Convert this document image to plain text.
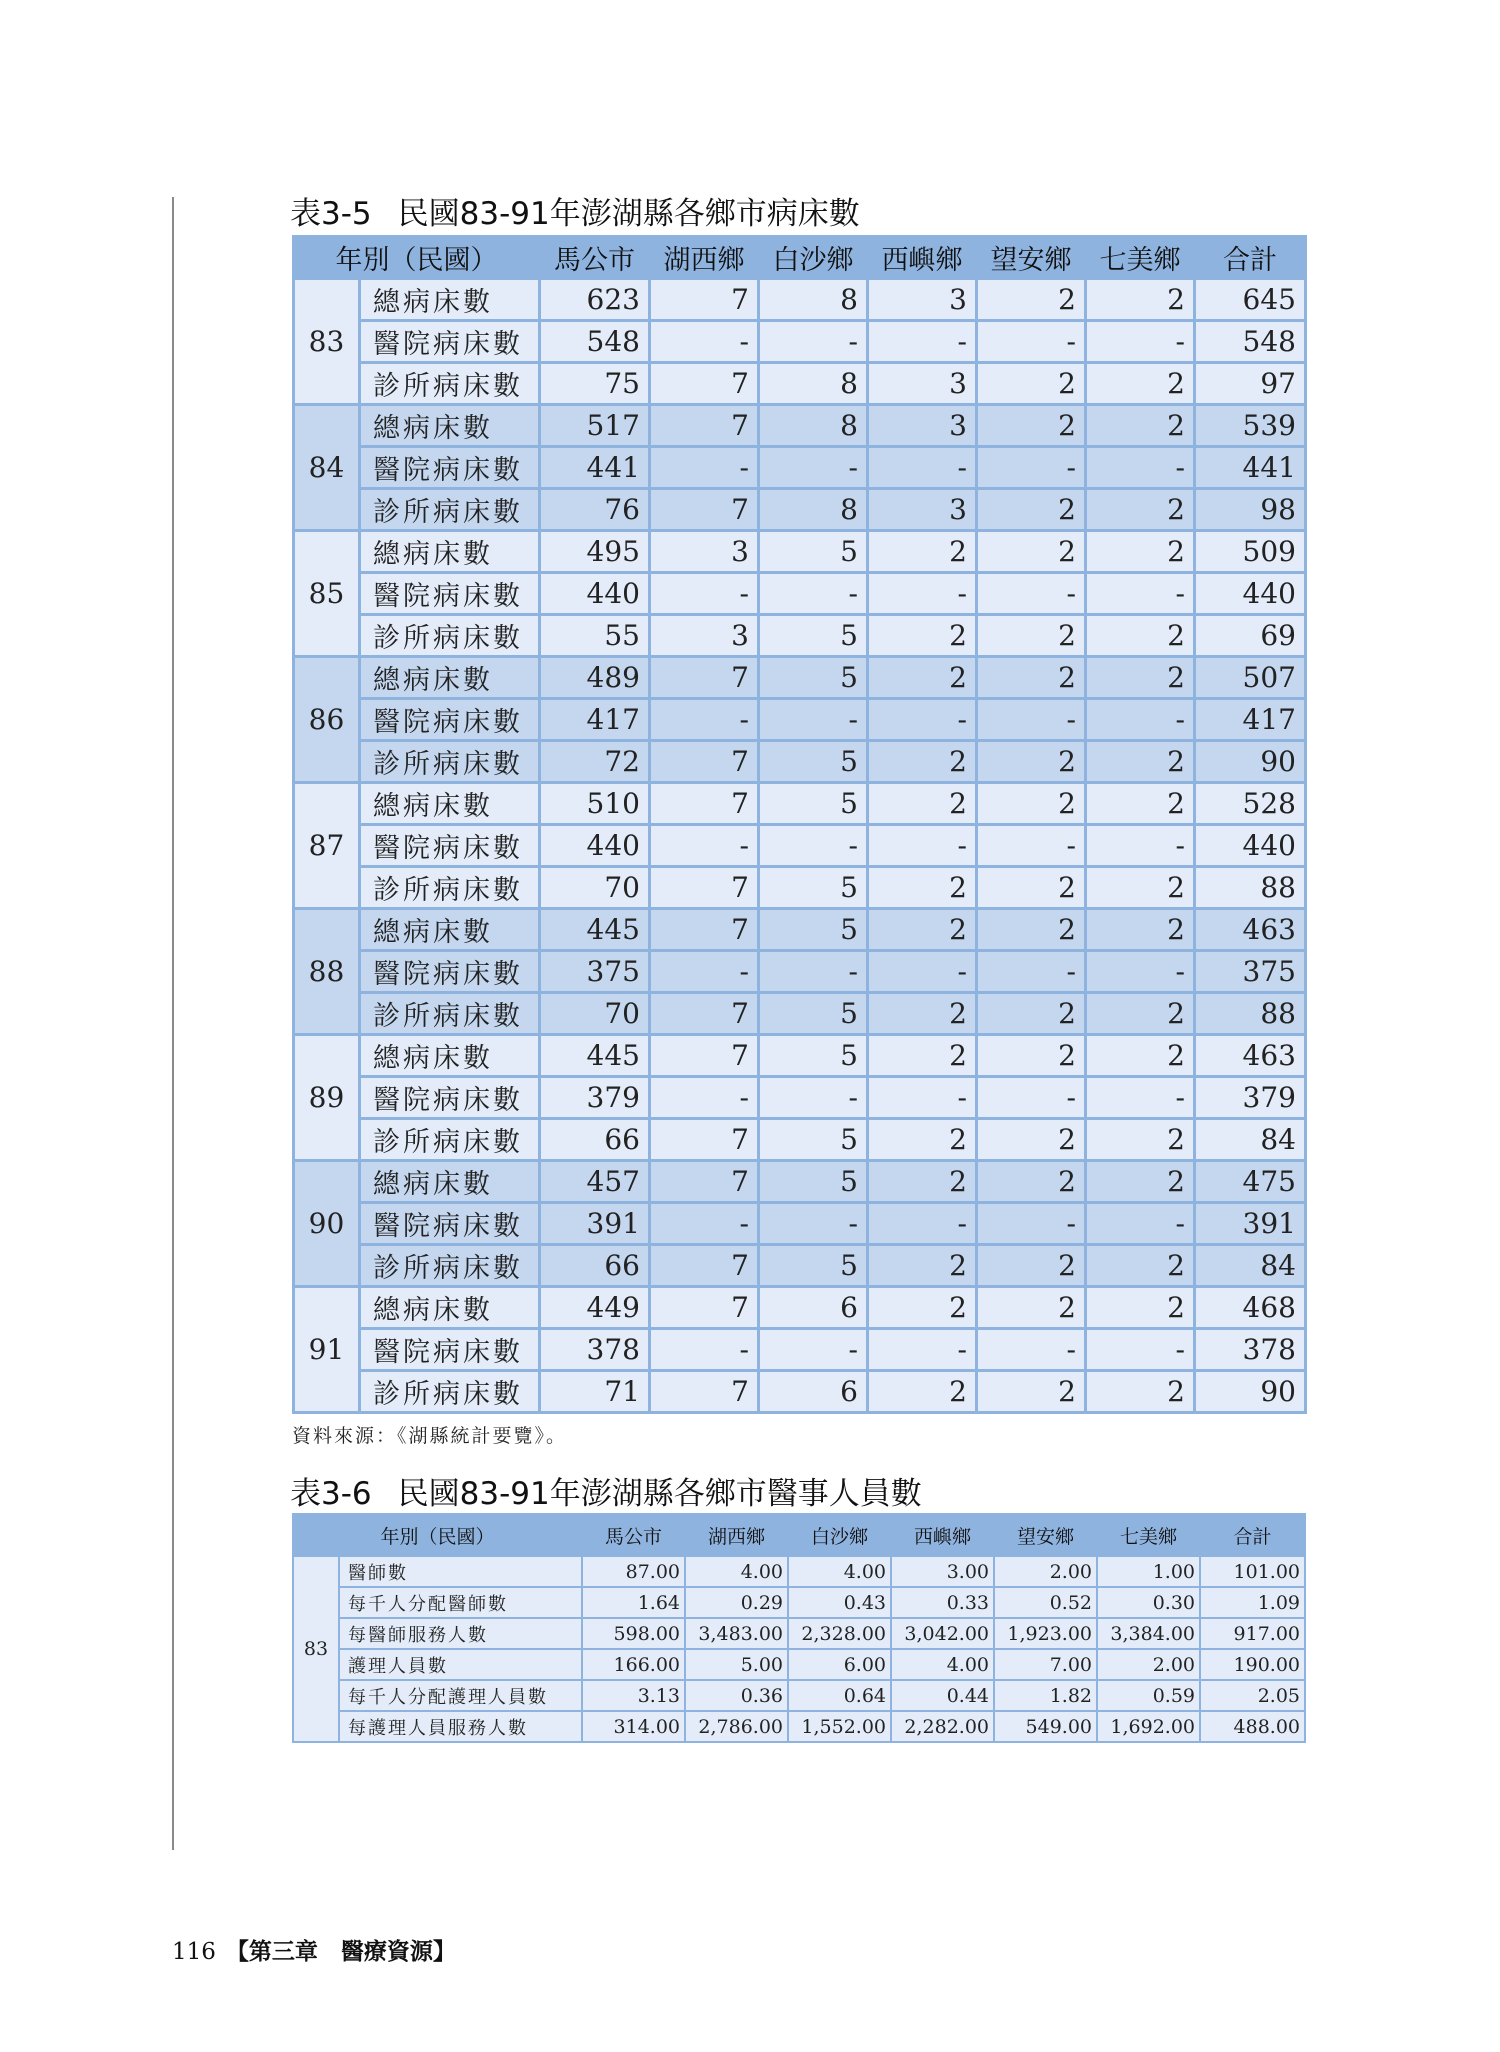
表3-5 民國83-91年澎湖縣各鄉市病床數
年別（民國）		馬公市	湖西鄉	白沙鄉	西嶼鄉	望安鄉	七美鄉	合計
83	總病床數	623	7	8	3	2	2	645
	醫院病床數	548	-	-	-	-	-	548
	診所病床數	75	7	8	3	2	2	97
84	總病床數	517	7	8	3	2	2	539
	醫院病床數	441	-	-	-	-	-	441
	診所病床數	76	7	8	3	2	2	98
85	總病床數	495	3	5	2	2	2	509
	醫院病床數	440	-	-	-	-	-	440
	診所病床數	55	3	5	2	2	2	69
86	總病床數	489	7	5	2	2	2	507
	醫院病床數	417	-	-	-	-	-	417
	診所病床數	72	7	5	2	2	2	90
87	總病床數	510	7	5	2	2	2	528
	醫院病床數	440	-	-	-	-	-	440
	診所病床數	70	7	5	2	2	2	88
88	總病床數	445	7	5	2	2	2	463
	醫院病床數	375	-	-	-	-	-	375
	診所病床數	70	7	5	2	2	2	88
89	總病床數	445	7	5	2	2	2	463
	醫院病床數	379	-	-	-	-	-	379
	診所病床數	66	7	5	2	2	2	84
90	總病床數	457	7	5	2	2	2	475
	醫院病床數	391	-	-	-	-	-	391
	診所病床數	66	7	5	2	2	2	84
91	總病床數	449	7	6	2	2	2	468
	醫院病床數	378	-	-	-	-	-	378
	診所病床數	71	7	6	2	2	2	90

資料來源：《湖縣統計要覽》。

表3-6 民國83-91年澎湖縣各鄉市醫事人員數
年別（民國）		馬公市	湖西鄉	白沙鄉	西嶼鄉	望安鄉	七美鄉	合計
83	醫師數	87.00	4.00	4.00	3.00	2.00	1.00	101.00
	每千人分配醫師數	1.64	0.29	0.43	0.33	0.52	0.30	1.09
	每醫師服務人數	598.00	3,483.00	2,328.00	3,042.00	1,923.00	3,384.00	917.00
	護理人員數	166.00	5.00	6.00	4.00	7.00	2.00	190.00
	每千人分配護理人員數	3.13	0.36	0.64	0.44	1.82	0.59	2.05
	每護理人員服務人數	314.00	2,786.00	1,552.00	2,282.00	549.00	1,692.00	488.00

116 【第三章　醫療資源】
